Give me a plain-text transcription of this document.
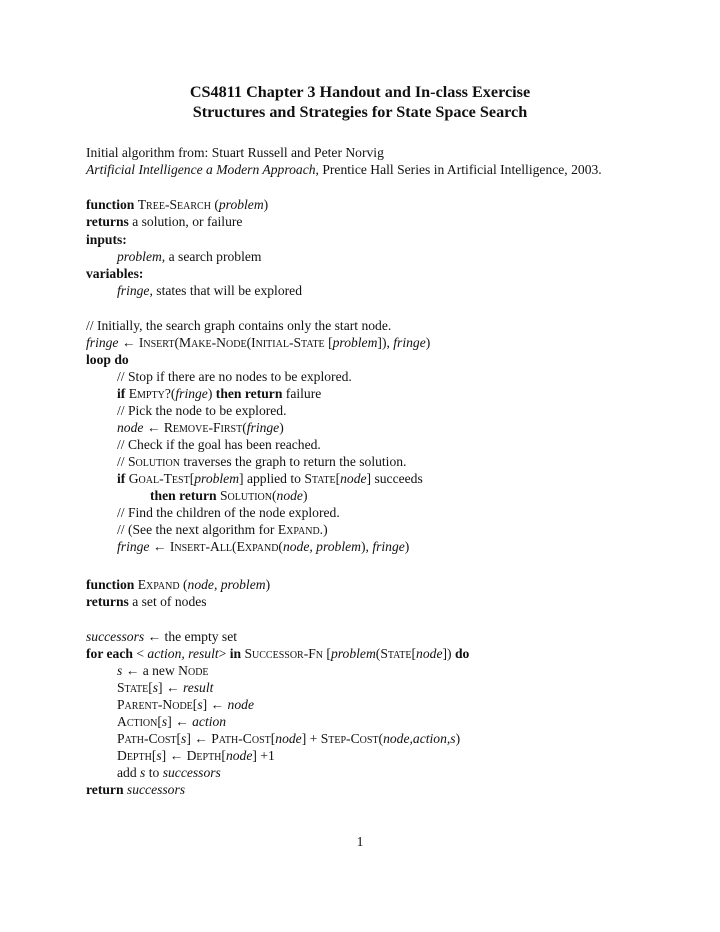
CS4811 Chapter 3 Handout and In-class Exercise
Structures and Strategies for State Space Search
Initial algorithm from: Stuart Russell and Peter Norvig
Artificial Intelligence a Modern Approach, Prentice Hall Series in Artificial Intelligence, 2003.
function Tree-Search (problem)
returns a solution, or failure
inputs:
problem, a search problem
variables:
fringe, states that will be explored
// Initially, the search graph contains only the start node.
fringe ← Insert(Make-Node(Initial-State [problem]), fringe)
loop do
// Stop if there are no nodes to be explored.
if Empty?(fringe) then return failure
// Pick the node to be explored.
node ← Remove-First(fringe)
// Check if the goal has been reached.
// Solution traverses the graph to return the solution.
if Goal-Test[problem] applied to State[node] succeeds
then return Solution(node)
// Find the children of the node explored.
// (See the next algorithm for Expand.)
fringe ← Insert-All(Expand(node, problem), fringe)
function Expand (node, problem)
returns a set of nodes
successors ← the empty set
for each < action, result> in Successor-Fn [problem(State[node]) do
s ← a new Node
State[s] ← result
Parent-Node[s] ← node
Action[s] ← action
Path-Cost[s] ← Path-Cost[node] + Step-Cost(node,action,s)
Depth[s] ← Depth[node] +1
add s to successors
return successors
1
